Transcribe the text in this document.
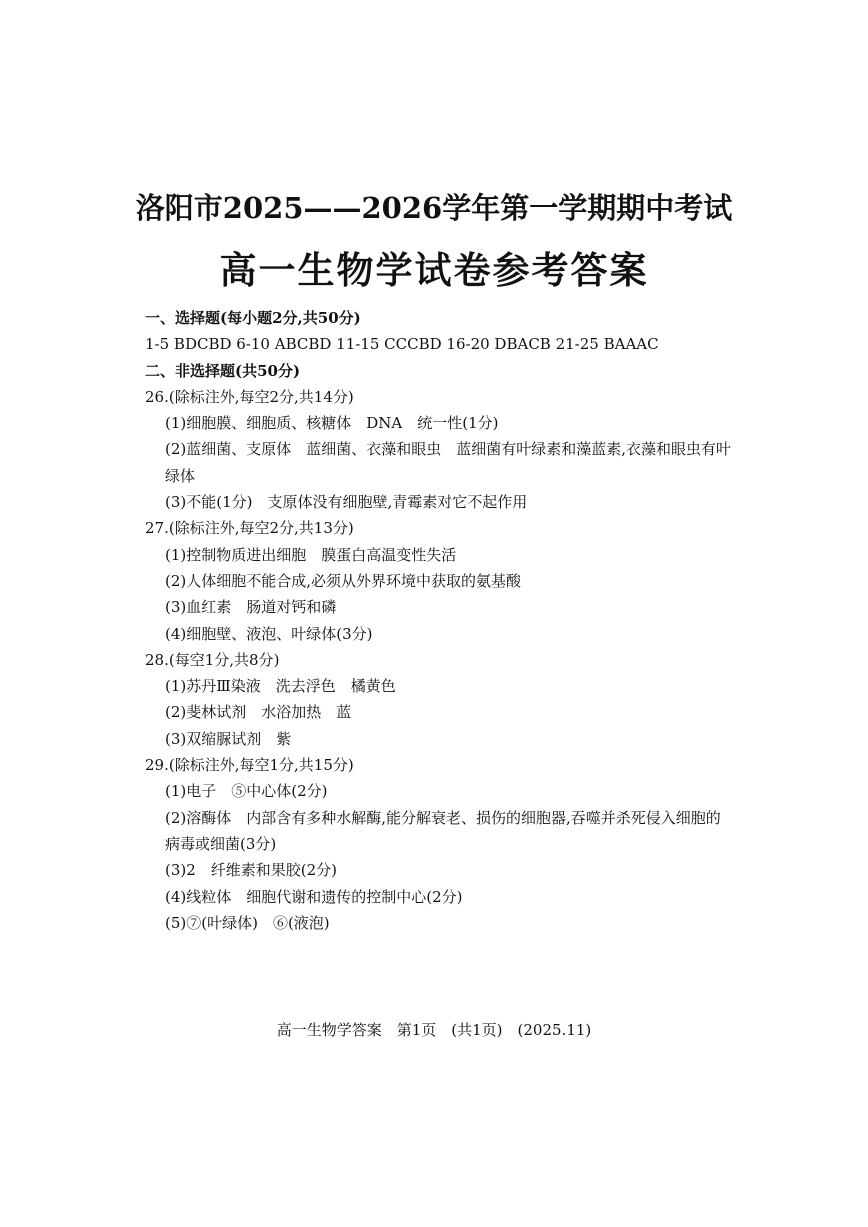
洛阳市2025——2026学年第一学期期中考试
高一生物学试卷参考答案
一、选择题(每小题2分,共50分)
1-5 BDCBD 6-10 ABCBD 11-15 CCCBD 16-20 DBACB 21-25 BAAAC
二、非选择题(共50分)
26.(除标注外,每空2分,共14分)
(1)细胞膜、细胞质、核糖体　DNA　统一性(1分)
(2)蓝细菌、支原体　蓝细菌、衣藻和眼虫　蓝细菌有叶绿素和藻蓝素,衣藻和眼虫有叶绿体
(3)不能(1分)　支原体没有细胞壁,青霉素对它不起作用
27.(除标注外,每空2分,共13分)
(1)控制物质进出细胞　膜蛋白高温变性失活
(2)人体细胞不能合成,必须从外界环境中获取的氨基酸
(3)血红素　肠道对钙和磷
(4)细胞壁、液泡、叶绿体(3分)
28.(每空1分,共8分)
(1)苏丹Ⅲ染液　洗去浮色　橘黄色
(2)斐林试剂　水浴加热　蓝
(3)双缩脲试剂　紫
29.(除标注外,每空1分,共15分)
(1)电子　⑤中心体(2分)
(2)溶酶体　内部含有多种水解酶,能分解衰老、损伤的细胞器,吞噬并杀死侵入细胞的病毒或细菌(3分)
(3)2　纤维素和果胶(2分)
(4)线粒体　细胞代谢和遗传的控制中心(2分)
(5)⑦(叶绿体)　⑥(液泡)
高一生物学答案　第1页　(共1页)　(2025.11)
